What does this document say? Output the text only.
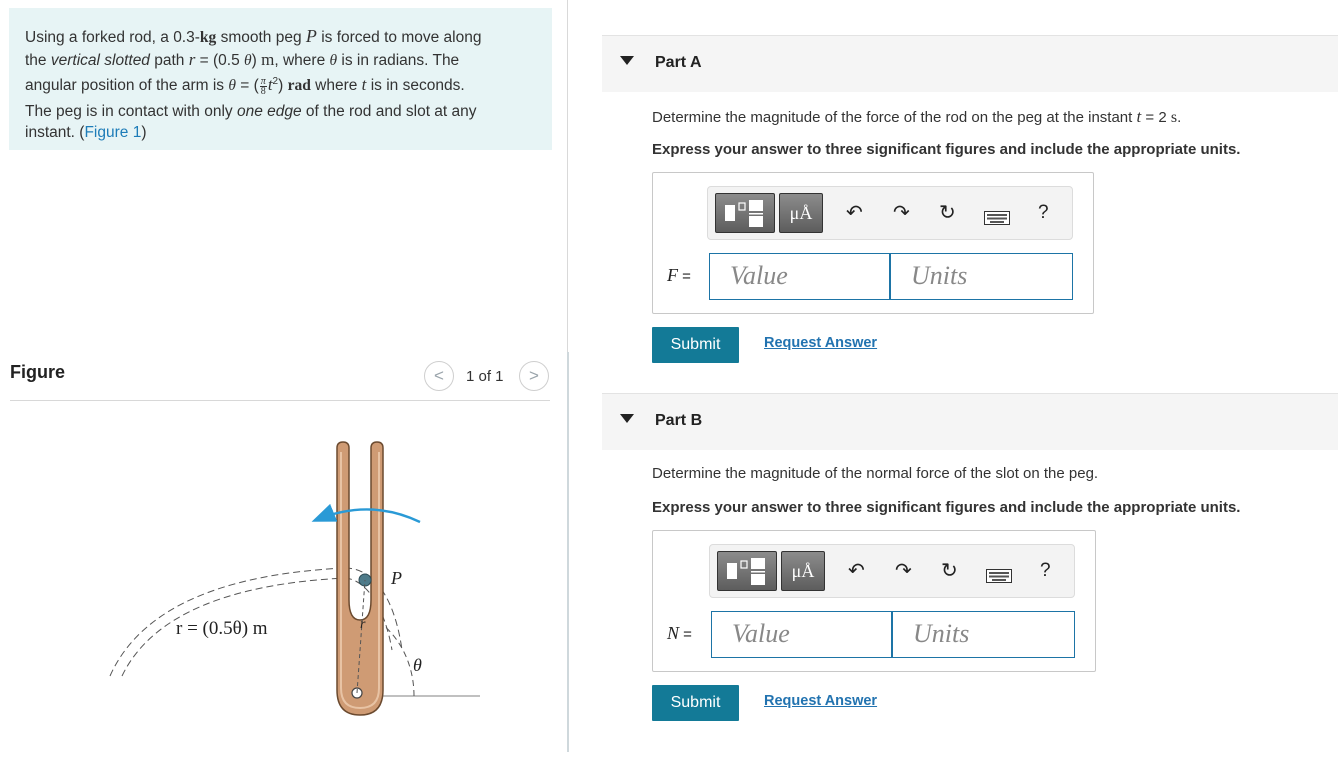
Using a forked rod, a 0.3-kg smooth peg P is forced to move along
the vertical slotted path r = (0.5 θ) m, where θ is in radians. The
angular position of the arm is θ = ( $\frac{\pi}{8} t^2$) rad where t is in seconds.
The peg is in contact with only one edge of the rod and slot at any
instant. (Figure 1)
Figure	<	1 of 1	>
P
r = (0.5θ) m	r
θ
Part A
Determine the magnitude of the force of the rod on the peg at the instant t = 2 s.
Express your answer to three significant figures and include the appropriate units.
μÅ	↶ ↷ ↻	?
F =	Value	Units
Submit	Request Answer
Part B
Determine the magnitude of the normal force of the slot on the peg.
Express your answer to three significant figures and include the appropriate units.
μÅ	↶ ↷ ↻	?
N =	Value	Units
Submit	Request Answer
